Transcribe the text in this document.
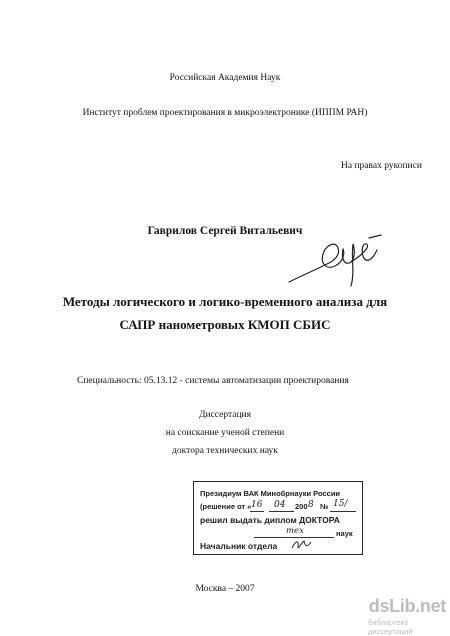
Российская Академия Наук
Институт проблем проектирования в микроэлектронике (ИППМ РАН)
На правах рукописи
Гаврилов Сергей Витальевич
Методы логического и логико-временного анализа для
САПР нанометровых КМОП СБИС
Специальность: 05.13.12 - системы автоматизации проектирования
Диссертация
на соискание ученой степени
доктора технических наук
Президиум ВАК Минобрнауки России
(решение от « 16 04 200 8 № 15/
решил выдать диплом ДОКТОРА
тех	наук
Начальник отдела
Москва – 2007
dsLib.net
библиотека диссертаций
